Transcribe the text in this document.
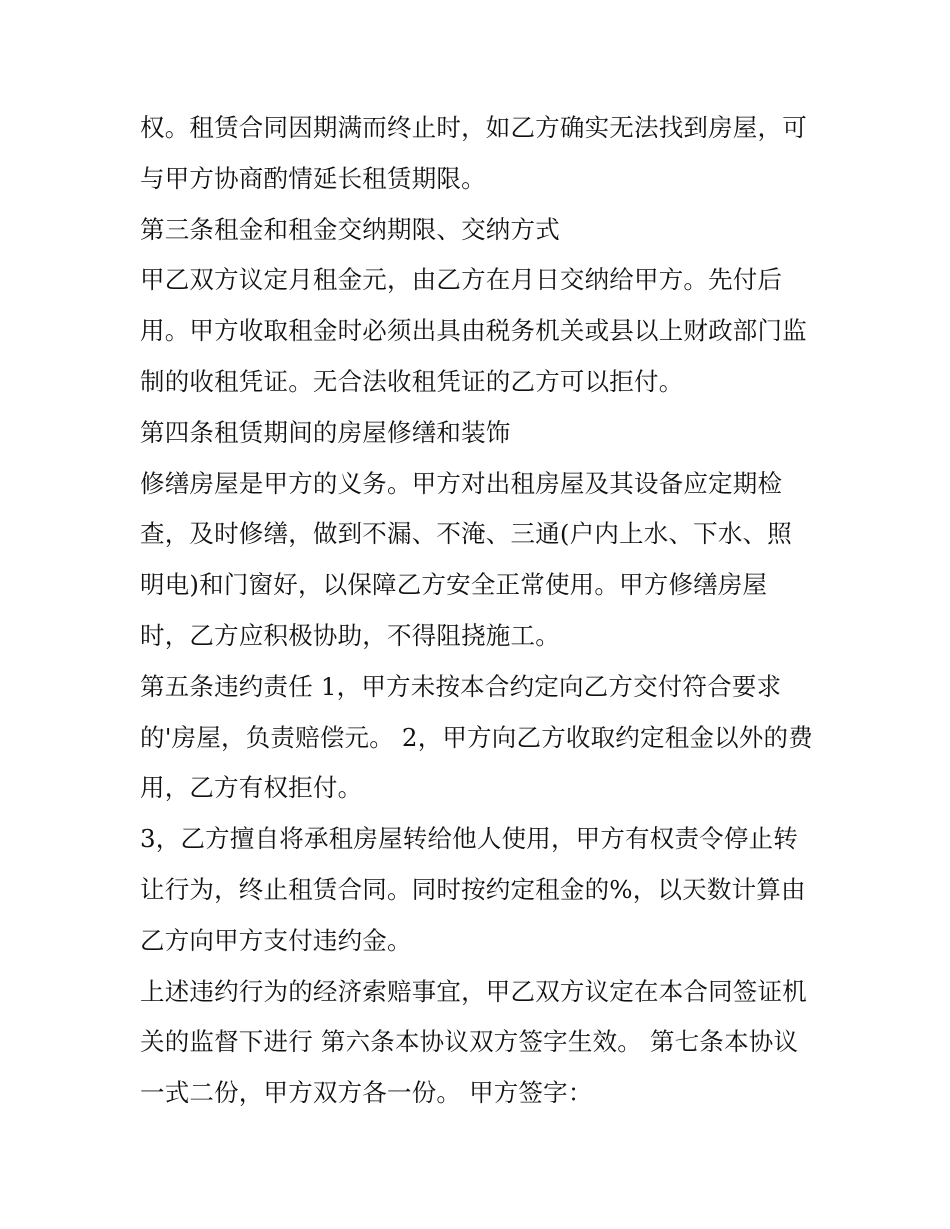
权。租赁合同因期满而终止时，如乙方确实无法找到房屋，可
与甲方协商酌情延长租赁期限。
第三条租金和租金交纳期限、交纳方式
甲乙双方议定月租金元，由乙方在月日交纳给甲方。先付后
用。甲方收取租金时必须出具由税务机关或县以上财政部门监
制的收租凭证。无合法收租凭证的乙方可以拒付。
第四条租赁期间的房屋修缮和装饰
修缮房屋是甲方的义务。甲方对出租房屋及其设备应定期检
查，及时修缮，做到不漏、不淹、三通(户内上水、下水、照
明电)和门窗好，以保障乙方安全正常使用。甲方修缮房屋
时，乙方应积极协助，不得阻挠施工。
第五条违约责任 1，甲方未按本合约定向乙方交付符合要求
的'房屋，负责赔偿元。 2，甲方向乙方收取约定租金以外的费
用，乙方有权拒付。
3，乙方擅自将承租房屋转给他人使用，甲方有权责令停止转
让行为，终止租赁合同。同时按约定租金的%，以天数计算由
乙方向甲方支付违约金。
上述违约行为的经济索赔事宜，甲乙双方议定在本合同签证机
关的监督下进行 第六条本协议双方签字生效。 第七条本协议
一式二份，甲方双方各一份。 甲方签字：
